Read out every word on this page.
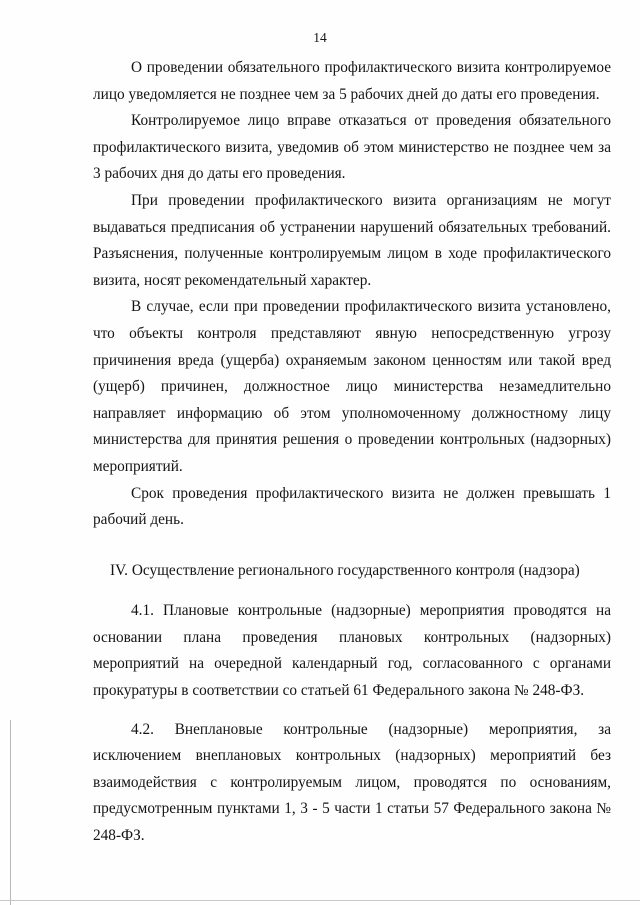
14

О проведении обязательного профилактического визита контролируемое лицо уведомляется не позднее чем за 5 рабочих дней до даты его проведения.

Контролируемое лицо вправе отказаться от проведения обязательного профилактического визита, уведомив об этом министерство не позднее чем за 3 рабочих дня до даты его проведения.

При проведении профилактического визита организациям не могут выдаваться предписания об устранении нарушений обязательных требований. Разъяснения, полученные контролируемым лицом в ходе профилактического визита, носят рекомендательный характер.

В случае, если при проведении профилактического визита установлено, что объекты контроля представляют явную непосредственную угрозу причинения вреда (ущерба) охраняемым законом ценностям или такой вред (ущерб) причинен, должностное лицо министерства незамедлительно направляет информацию об этом уполномоченному должностному лицу министерства для принятия решения о проведении контрольных (надзорных) мероприятий.

Срок проведения профилактического визита не должен превышать 1 рабочий день.

IV. Осуществление регионального государственного контроля (надзора)

4.1. Плановые контрольные (надзорные) мероприятия проводятся на основании плана проведения плановых контрольных (надзорных) мероприятий на очередной календарный год, согласованного с органами прокуратуры в соответствии со статьей 61 Федерального закона № 248-ФЗ.

4.2. Внеплановые контрольные (надзорные) мероприятия, за исключением внеплановых контрольных (надзорных) мероприятий без взаимодействия с контролируемым лицом, проводятся по основаниям, предусмотренным пунктами 1, 3 - 5 части 1 статьи 57 Федерального закона № 248-ФЗ.
